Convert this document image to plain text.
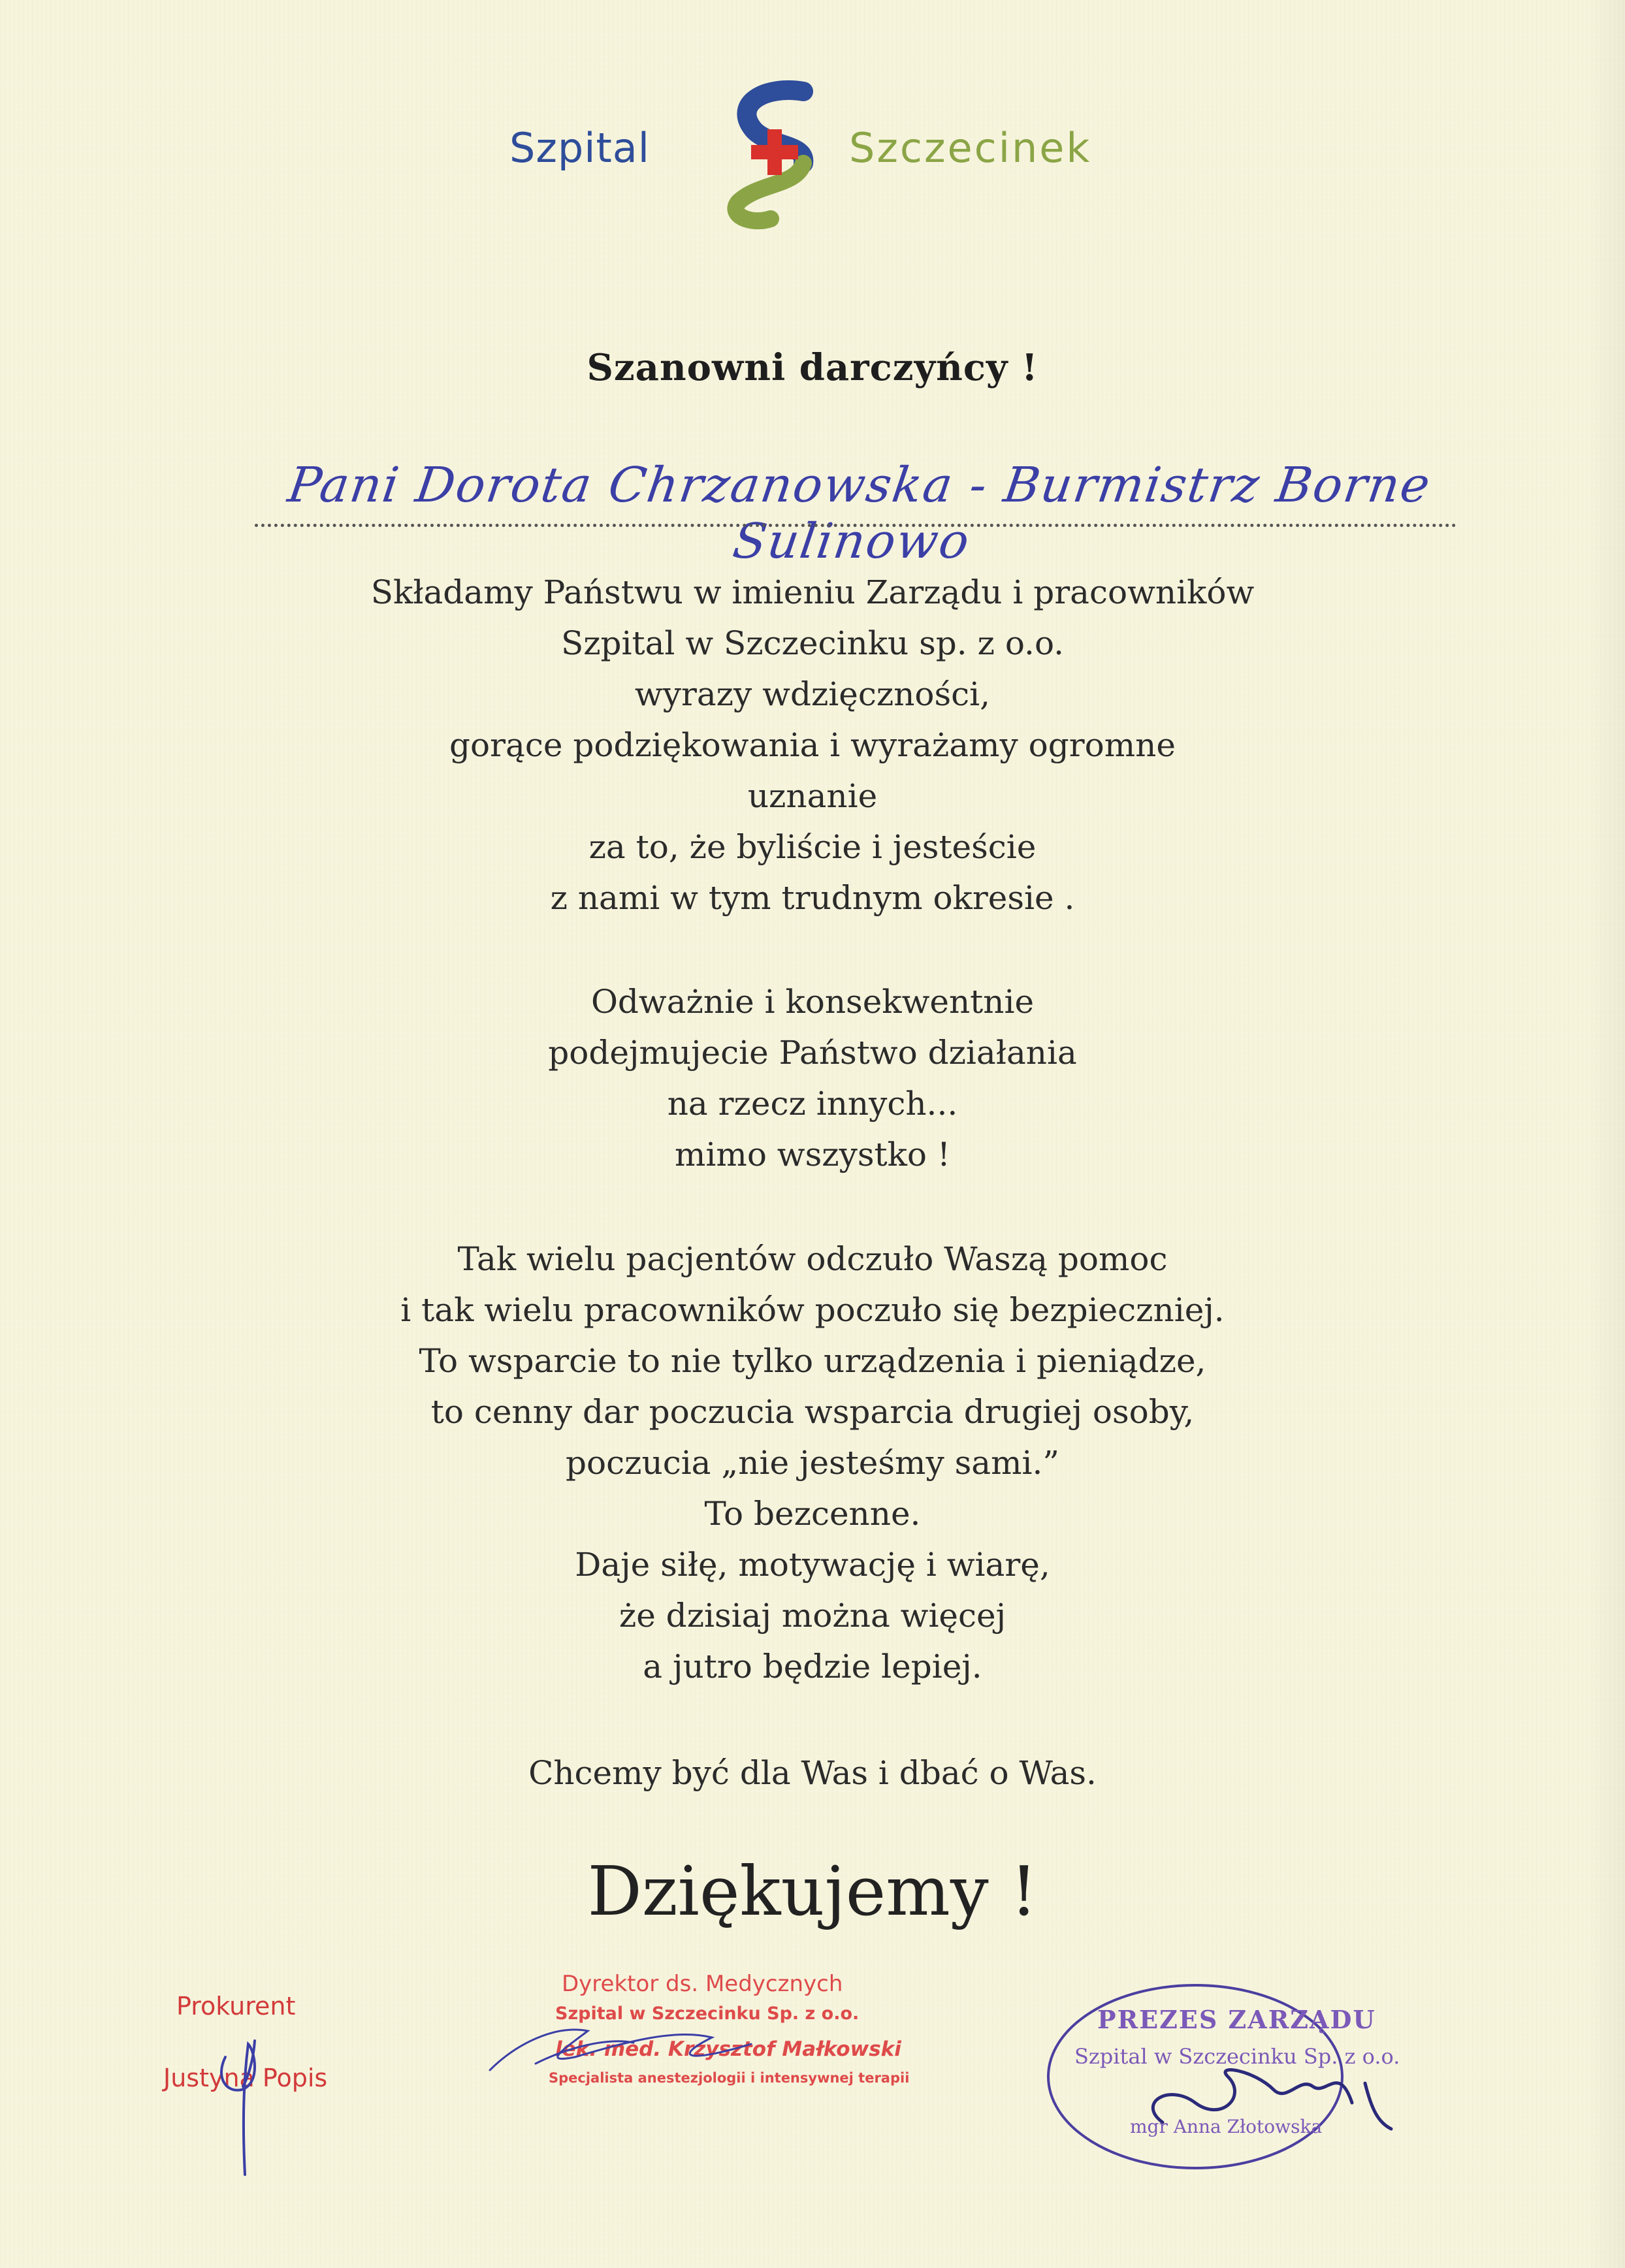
Szpital	Szczecinek
Szanowni darczyńcy !
Pani Dorota Chrzanowska - Burmistrz Borne Sulinowo
Składamy Państwu w imieniu Zarządu i pracowników
Szpital w Szczecinku sp. z o.o.
wyrazy wdzięczności,
gorące podziękowania i wyrażamy ogromne
uznanie
za to, że byliście i jesteście
z nami w tym trudnym okresie .
Odważnie i konsekwentnie
podejmujecie Państwo działania
na rzecz innych...
mimo wszystko !
Tak wielu pacjentów odczuło Waszą pomoc
i tak wielu pracowników poczuło się bezpieczniej.
To wsparcie to nie tylko urządzenia i pieniądze,
to cenny dar poczucia wsparcia drugiej osoby,
poczucia „nie jesteśmy sami.”
To bezcenne.
Daje siłę, motywację i wiarę,
że dzisiaj można więcej
a jutro będzie lepiej.
Chcemy być dla Was i dbać o Was.
Dziękujemy !
Prokurent
Justyna Popis
Dyrektor ds. Medycznych
Szpital w Szczecinku Sp. z o.o.
lek. med. Krzysztof Małkowski
Specjalista anestezjologii i intensywnej terapii
PREZES ZARZĄDU
Szpital w Szczecinku Sp. z o.o.
mgr Anna Złotowska
